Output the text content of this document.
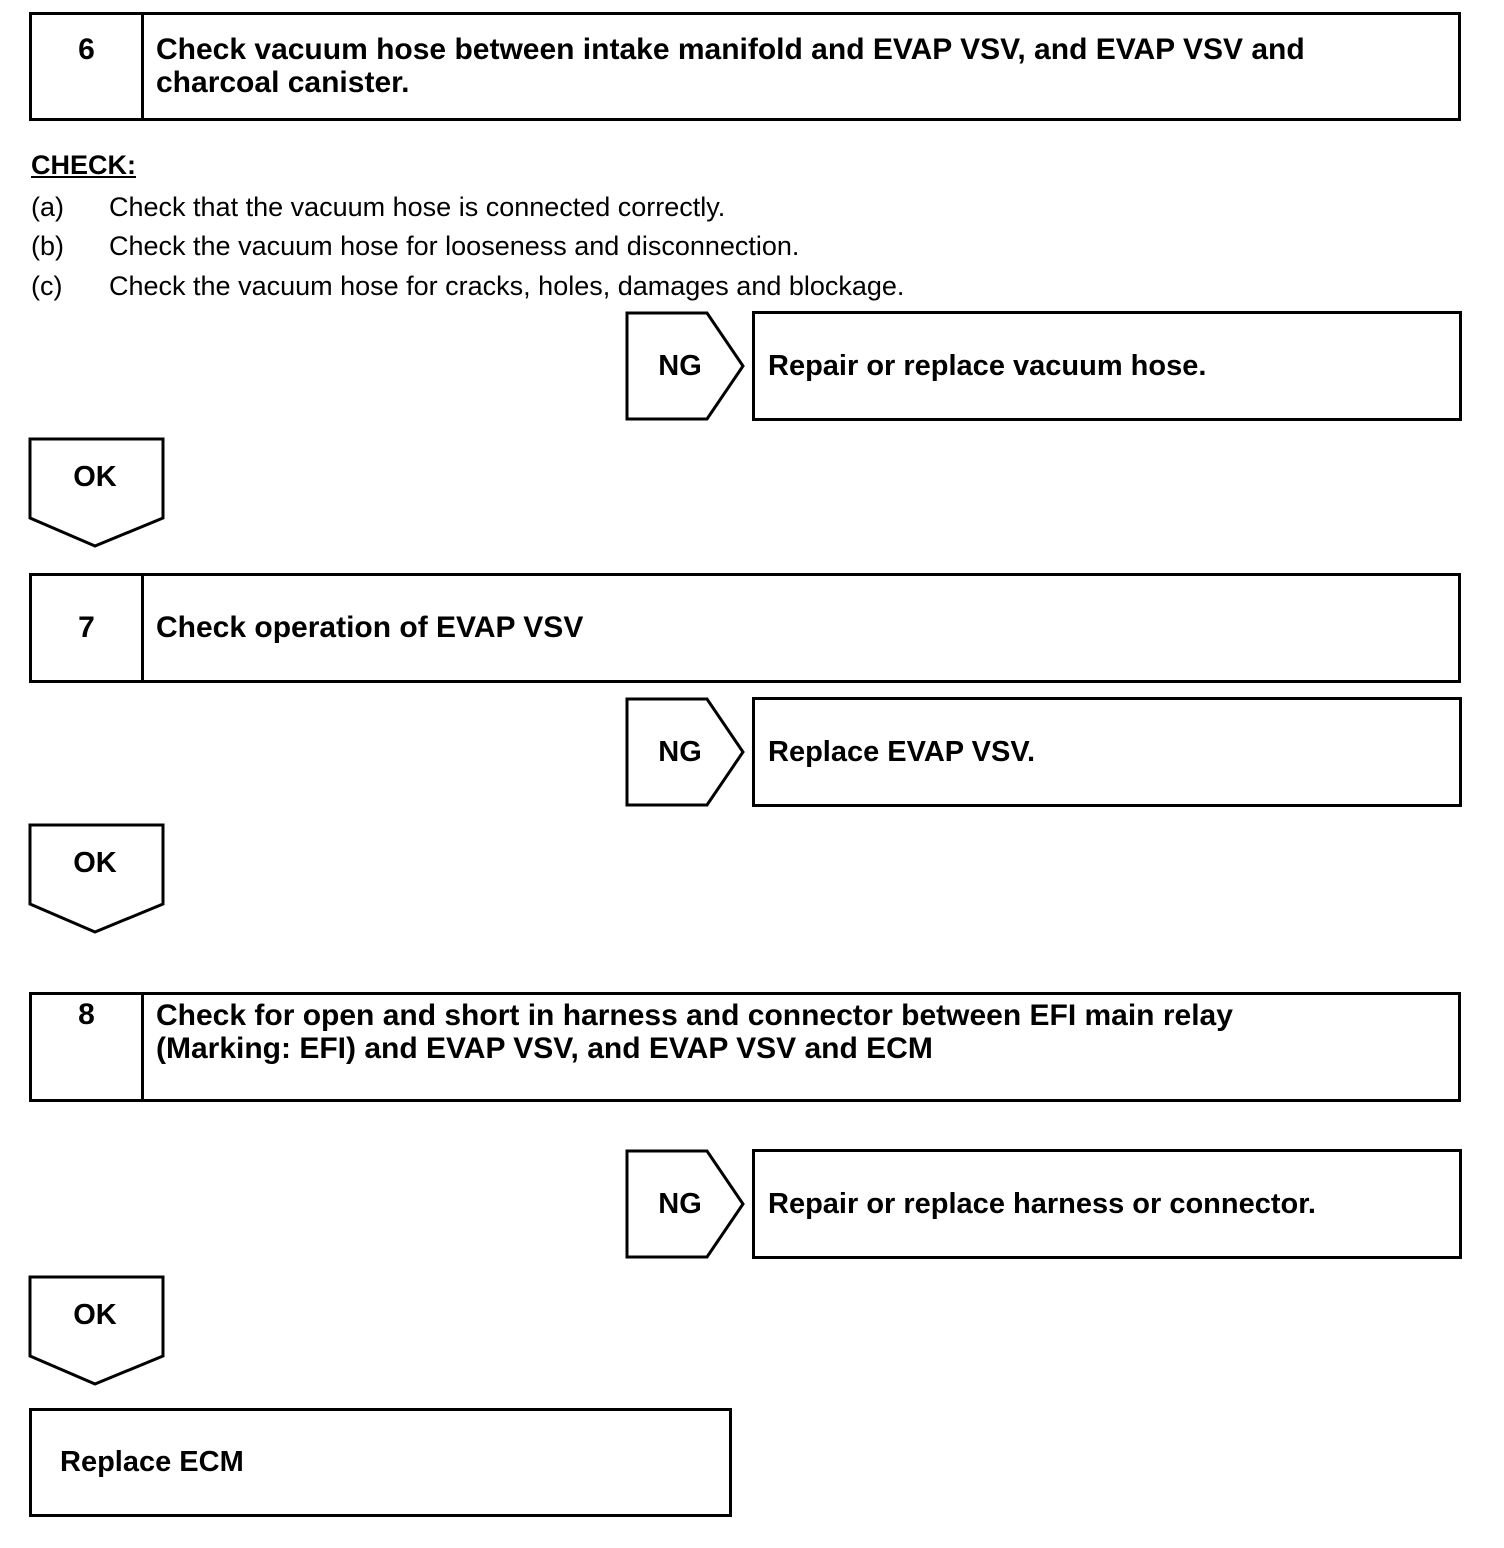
6	Check vacuum hose between intake manifold and EVAP VSV, and EVAP VSV and
charcoal canister.
CHECK:
(a) Check that the vacuum hose is connected correctly.
(b) Check the vacuum hose for looseness and disconnection.
(c) Check the vacuum hose for cracks, holes, damages and blockage.
NG	Repair or replace vacuum hose.
OK
7	Check operation of EVAP VSV
NG	Replace EVAP VSV.
OK
8	Check for open and short in harness and connector between EFI main relay
(Marking: EFI) and EVAP VSV, and EVAP VSV and ECM
NG	Repair or replace harness or connector.
OK
Replace ECM
